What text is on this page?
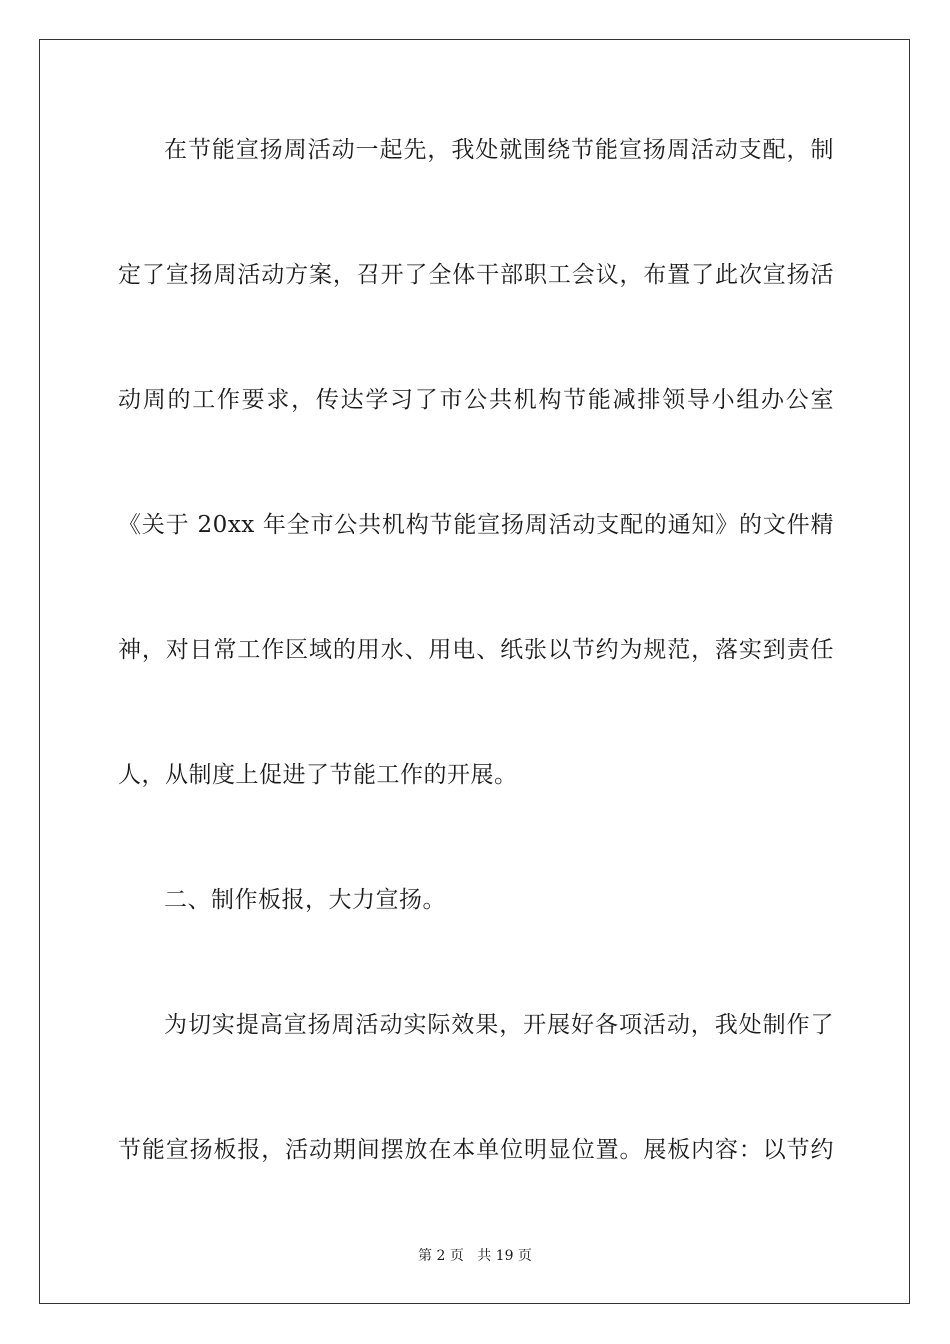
在节能宣扬周活动一起先，我处就围绕节能宣扬周活动支配，制
定了宣扬周活动方案，召开了全体干部职工会议，布置了此次宣扬活
动周的工作要求，传达学习了市公共机构节能减排领导小组办公室
《关于 20xx 年全市公共机构节能宣扬周活动支配的通知》的文件精
神，对日常工作区域的用水、用电、纸张以节约为规范，落实到责任
人，从制度上促进了节能工作的开展。
二、制作板报，大力宣扬。
为切实提高宣扬周活动实际效果，开展好各项活动，我处制作了
节能宣扬板报，活动期间摆放在本单位明显位置。展板内容：以节约
第 2 页 共 19 页
